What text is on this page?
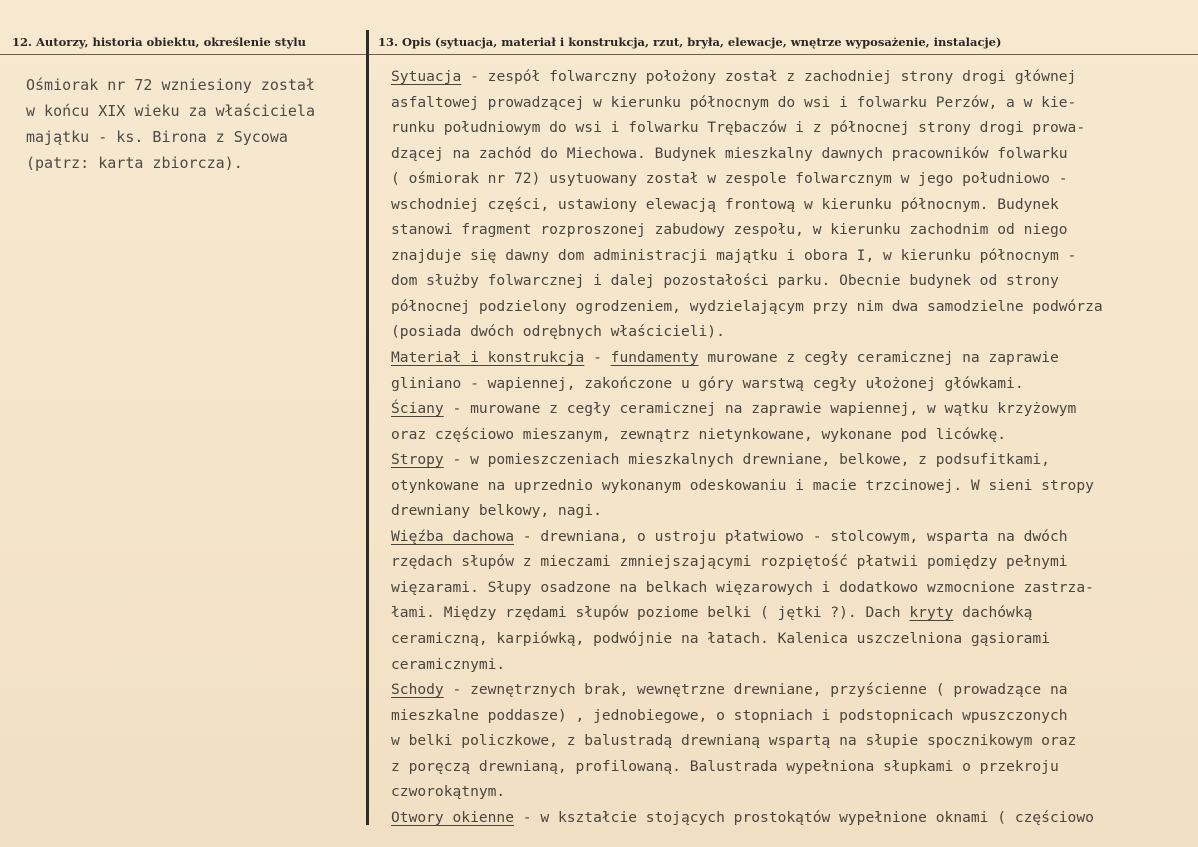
12. Autorzy, historia obiektu, określenie stylu
Ośmiorak nr 72 wzniesiony został
w końcu XIX wieku za właściciela
majątku - ks. Birona z Sycowa
(patrz: karta zbiorcza).
13. Opis (sytuacja, materiał i konstrukcja, rzut, bryła, elewacje, wnętrze wyposażenie, instalacje)
Sytuacja - zespół folwarczny położony został z zachodniej strony drogi głównej
asfaltowej prowadzącej w kierunku północnym do wsi i folwarku Perzów, a w kie-
runku południowym do wsi i folwarku Trębaczów i z północnej strony drogi prowa-
dzącej na zachód do Miechowa. Budynek mieszkalny dawnych pracowników folwarku
( ośmiorak nr 72) usytuowany został w zespole folwarcznym w jego południowo -
wschodniej części, ustawiony elewacją frontową w kierunku północnym. Budynek
stanowi fragment rozproszonej zabudowy zespołu, w kierunku zachodnim od niego
znajduje się dawny dom administracji majątku i obora I, w kierunku północnym -
dom służby folwarcznej i dalej pozostałości parku. Obecnie budynek od strony
północnej podzielony ogrodzeniem, wydzielającym przy nim dwa samodzielne podwórza
(posiada dwóch odrębnych właścicieli).
Materiał i konstrukcja - fundamenty murowane z cegły ceramicznej na zaprawie
gliniano - wapiennej, zakończone u góry warstwą cegły ułożonej główkami.
Ściany - murowane z cegły ceramicznej na zaprawie wapiennej, w wątku krzyżowym
oraz częściowo mieszanym, zewnątrz nietynkowane, wykonane pod licówkę.
Stropy - w pomieszczeniach mieszkalnych drewniane, belkowe, z podsufitkami,
otynkowane na uprzednio wykonanym odeskowaniu i macie trzcinowej. W sieni stropy
drewniany belkowy, nagi.
Więźba dachowa - drewniana, o ustroju płatwiowo - stolcowym, wsparta na dwóch
rzędach słupów z mieczami zmniejszającymi rozpiętość płatwii pomiędzy pełnymi
więzarami. Słupy osadzone na belkach więzarowych i dodatkowo wzmocnione zastrza-
łami. Między rzędami słupów poziome belki ( jętki ?). Dach kryty dachówką
ceramiczną, karpiówką, podwójnie na łatach. Kalenica uszczelniona gąsiorami
ceramicznymi.
Schody - zewnętrznych brak, wewnętrzne drewniane, przyścienne ( prowadzące na
mieszkalne poddasze) , jednobiegowe, o stopniach i podstopnicach wpuszczonych
w belki policzkowe, z balustradą drewnianą wspartą na słupie spocznikowym oraz
z poręczą drewnianą, profilowaną. Balustrada wypełniona słupkami o przekroju
czworokątnym.
Otwory okienne - w kształcie stojących prostokątów wypełnione oknami ( częściowo
